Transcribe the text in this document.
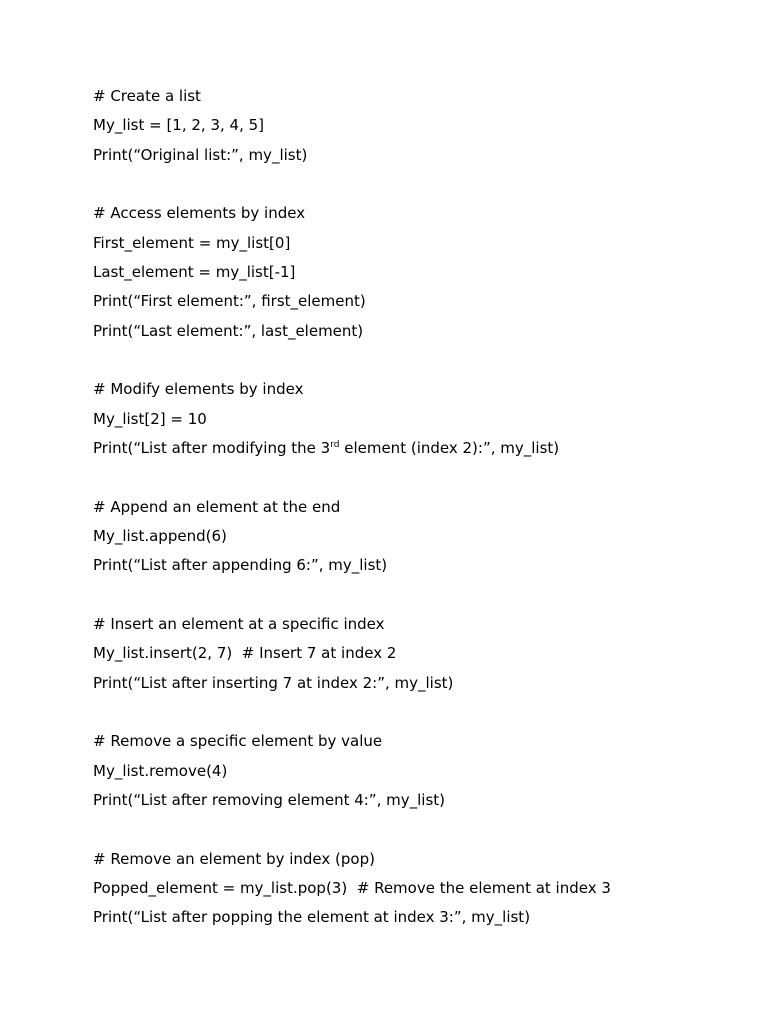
# Create a list
My_list = [1, 2, 3, 4, 5]
Print(“Original list:”, my_list)
# Access elements by index
First_element = my_list[0]
Last_element = my_list[-1]
Print(“First element:”, first_element)
Print(“Last element:”, last_element)
# Modify elements by index
My_list[2] = 10
Print(“List after modifying the 3rd element (index 2):”, my_list)
# Append an element at the end
My_list.append(6)
Print(“List after appending 6:”, my_list)
# Insert an element at a specific index
My_list.insert(2, 7)  # Insert 7 at index 2
Print(“List after inserting 7 at index 2:”, my_list)
# Remove a specific element by value
My_list.remove(4)
Print(“List after removing element 4:”, my_list)
# Remove an element by index (pop)
Popped_element = my_list.pop(3)  # Remove the element at index 3
Print(“List after popping the element at index 3:”, my_list)
